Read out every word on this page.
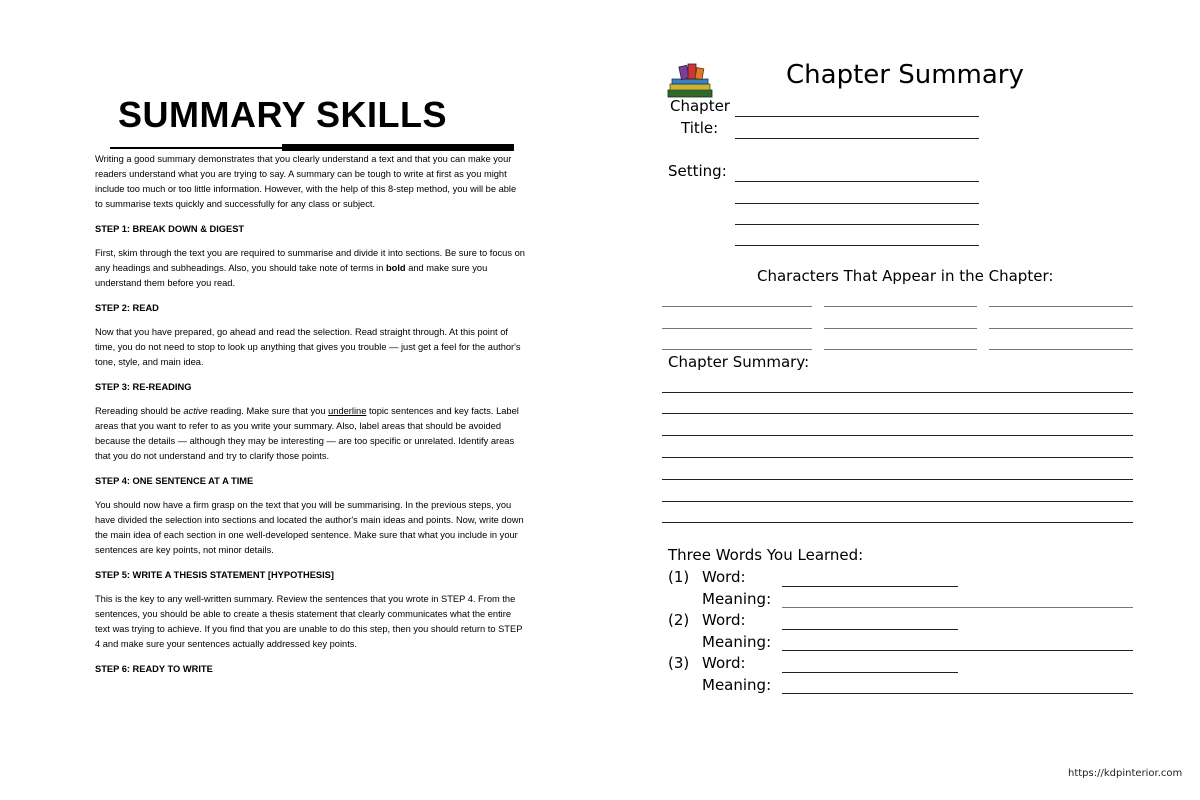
SUMMARY SKILLS

Writing a good summary demonstrates that you clearly understand a text and that you can make your readers understand what you are trying to say. A summary can be tough to write at first as you might include too much or too little information. However, with the help of this 8-step method, you will be able to summarise texts quickly and successfully for any class or subject.

STEP 1: BREAK DOWN & DIGEST

First, skim through the text you are required to summarise and divide it into sections. Be sure to focus on any headings and subheadings. Also, you should take note of terms in bold and make sure you understand them before you read.

STEP 2: READ

Now that you have prepared, go ahead and read the selection. Read straight through. At this point of time, you do not need to stop to look up anything that gives you trouble — just get a feel for the author's tone, style, and main idea.

STEP 3: RE-READING

Rereading should be active reading. Make sure that you underline topic sentences and key facts. Label areas that you want to refer to as you write your summary. Also, label areas that should be avoided because the details — although they may be interesting — are too specific or unrelated. Identify areas that you do not understand and try to clarify those points.

STEP 4: ONE SENTENCE AT A TIME

You should now have a firm grasp on the text that you will be summarising. In the previous steps, you have divided the selection into sections and located the author's main ideas and points. Now, write down the main idea of each section in one well-developed sentence. Make sure that what you include in your sentences are key points, not minor details.

STEP 5: WRITE A THESIS STATEMENT [HYPOTHESIS]

This is the key to any well-written summary. Review the sentences that you wrote in STEP 4. From the sentences, you should be able to create a thesis statement that clearly communicates what the entire text was trying to achieve. If you find that you are unable to do this step, then you should return to STEP 4 and make sure your sentences actually addressed key points.

STEP 6: READY TO WRITE
Chapter Summary
Chapter
Title:
Setting:
Characters That Appear in the Chapter:
Chapter Summary:
Three Words You Learned:
(1) Word:
Meaning:
(2) Word:
Meaning:
(3) Word:
Meaning:
https://kdpinterior.com
